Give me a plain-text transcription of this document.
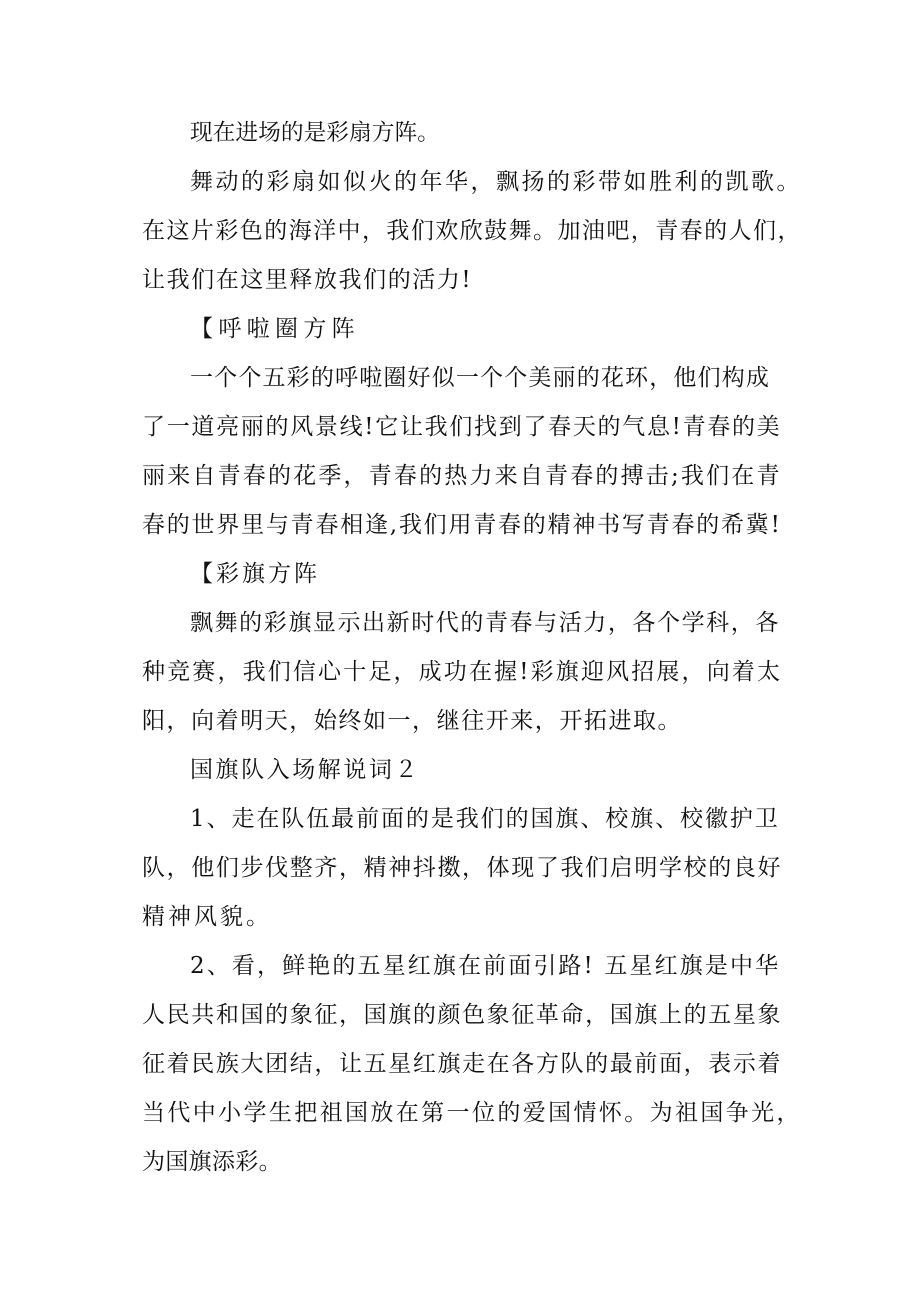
现在进场的是彩扇方阵。
舞动的彩扇如似火的年华，飘扬的彩带如胜利的凯歌。
在这片彩色的海洋中，我们欢欣鼓舞。加油吧，青春的人们，
让我们在这里释放我们的活力!
【呼啦圈方阵
一个个五彩的呼啦圈好似一个个美丽的花环，他们构成
了一道亮丽的风景线!它让我们找到了春天的气息!青春的美
丽来自青春的花季，青春的热力来自青春的搏击;我们在青
春的世界里与青春相逢,我们用青春的精神书写青春的希冀!
【彩旗方阵
飘舞的彩旗显示出新时代的青春与活力，各个学科，各
种竞赛，我们信心十足，成功在握!彩旗迎风招展，向着太
阳，向着明天，始终如一，继往开来，开拓进取。
国旗队入场解说词２
1、走在队伍最前面的是我们的国旗、校旗、校徽护卫
队，他们步伐整齐，精神抖擞，体现了我们启明学校的良好
精神风貌。
2、看，鲜艳的五星红旗在前面引路! 五星红旗是中华
人民共和国的象征，国旗的颜色象征革命，国旗上的五星象
征着民族大团结，让五星红旗走在各方队的最前面，表示着
当代中小学生把祖国放在第一位的爱国情怀。为祖国争光，
为国旗添彩。
